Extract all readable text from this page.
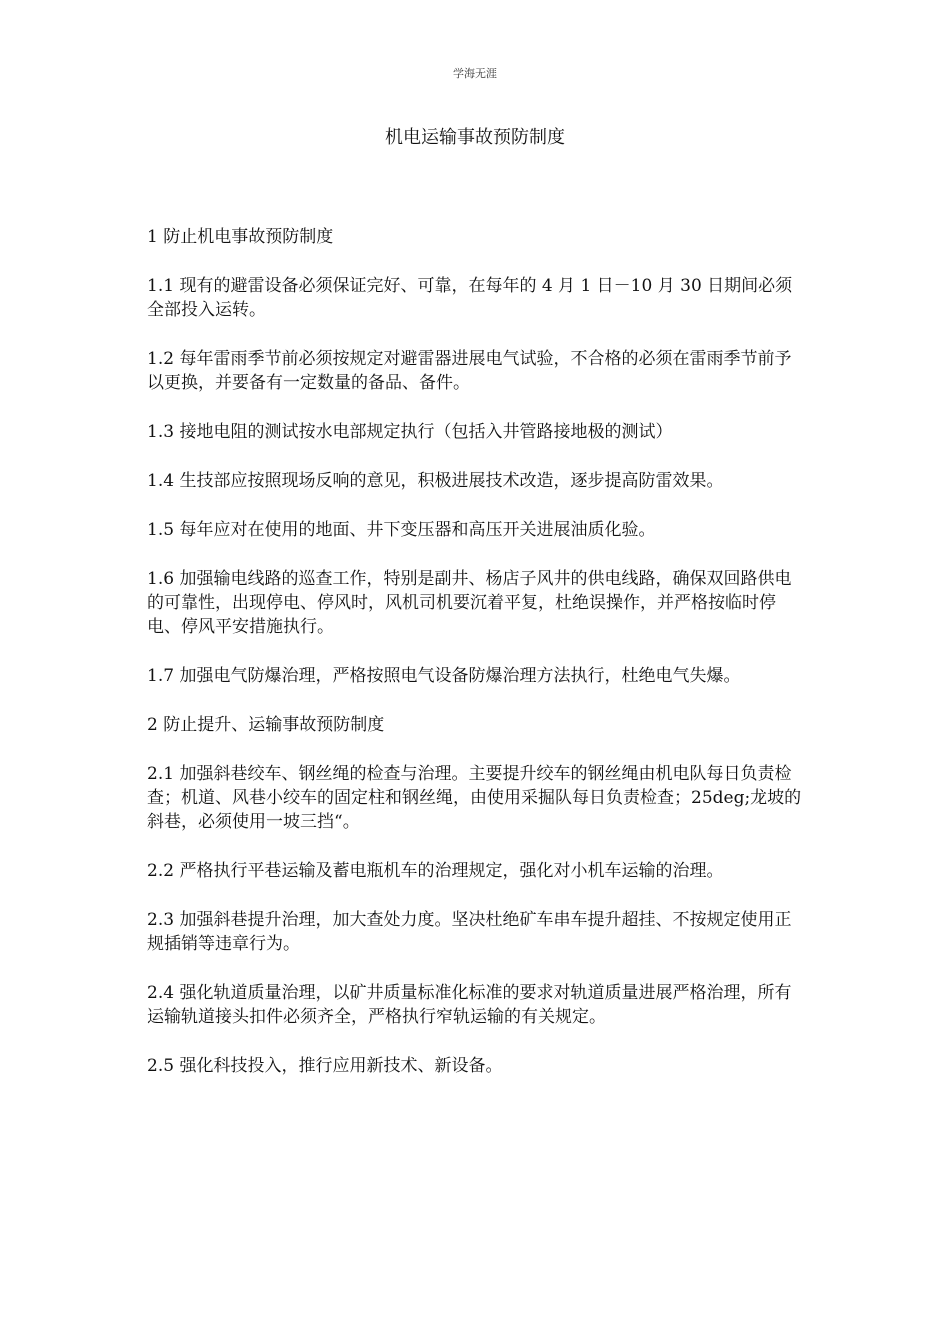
学海无涯
机电运输事故预防制度

1 防止机电事故预防制度

1.1 现有的避雷设备必须保证完好、可靠，在每年的 4 月 1 日－10 月 30 日期间必须全部投入运转。

1.2 每年雷雨季节前必须按规定对避雷器进展电气试验，不合格的必须在雷雨季节前予以更换，并要备有一定数量的备品、备件。

1.3 接地电阻的测试按水电部规定执行（包括入井管路接地极的测试）

1.4 生技部应按照现场反响的意见，积极进展技术改造，逐步提高防雷效果。

1.5 每年应对在使用的地面、井下变压器和高压开关进展油质化验。

1.6 加强输电线路的巡查工作，特别是副井、杨店子风井的供电线路，确保双回路供电的可靠性，出现停电、停风时，风机司机要沉着平复，杜绝误操作，并严格按临时停电、停风平安措施执行。

1.7 加强电气防爆治理，严格按照电气设备防爆治理方法执行，杜绝电气失爆。

2 防止提升、运输事故预防制度

2.1 加强斜巷绞车、钢丝绳的检查与治理。主要提升绞车的钢丝绳由机电队每日负责检查；机道、风巷小绞车的固定柱和钢丝绳，由使用采掘队每日负责检查；25deg;龙坡的斜巷，必须使用一坡三挡“。

2.2 严格执行平巷运输及蓄电瓶机车的治理规定，强化对小机车运输的治理。

2.3 加强斜巷提升治理，加大查处力度。坚决杜绝矿车串车提升超挂、不按规定使用正规插销等违章行为。

2.4 强化轨道质量治理，以矿井质量标准化标准的要求对轨道质量进展严格治理，所有运输轨道接头扣件必须齐全，严格执行窄轨运输的有关规定。

2.5 强化科技投入，推行应用新技术、新设备。
